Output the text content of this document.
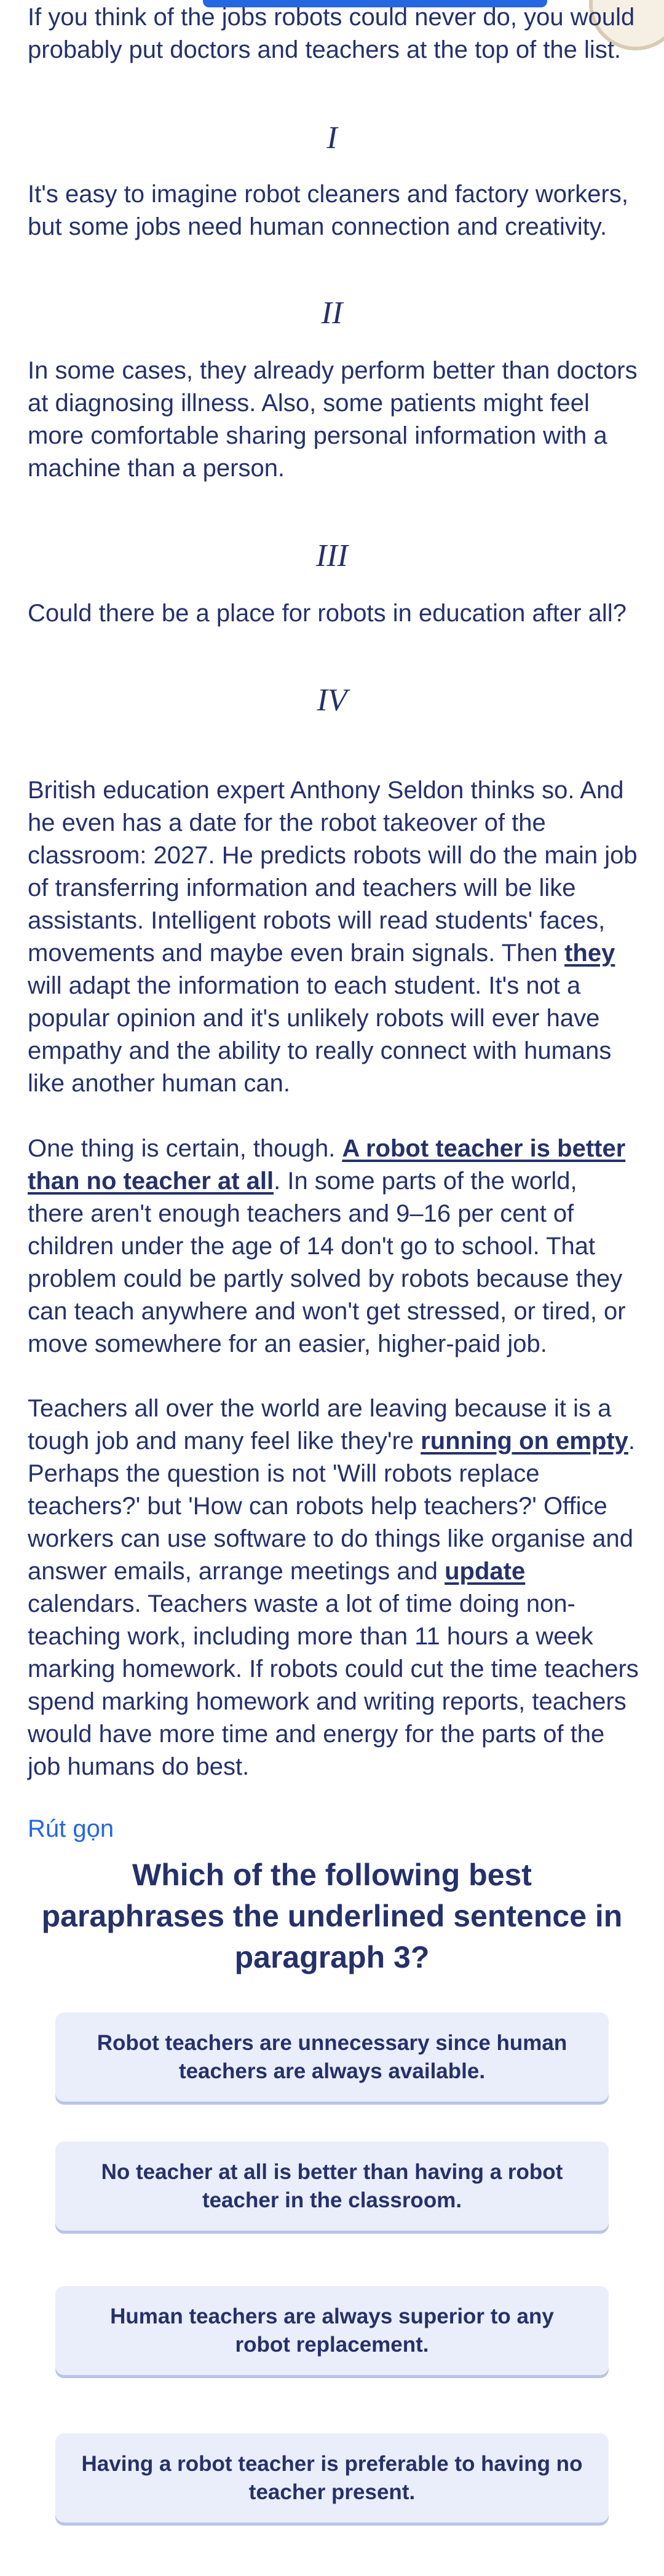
If you think of the jobs robots could never do, you would probably put doctors and teachers at the top of the list.

I

It's easy to imagine robot cleaners and factory workers, but some jobs need human connection and creativity.

II

In some cases, they already perform better than doctors at diagnosing illness. Also, some patients might feel more comfortable sharing personal information with a machine than a person.

III

Could there be a place for robots in education after all?

IV

British education expert Anthony Seldon thinks so. And he even has a date for the robot takeover of the classroom: 2027. He predicts robots will do the main job of transferring information and teachers will be like assistants. Intelligent robots will read students' faces, movements and maybe even brain signals. Then they will adapt the information to each student. It's not a popular opinion and it's unlikely robots will ever have empathy and the ability to really connect with humans like another human can.

One thing is certain, though. A robot teacher is better than no teacher at all. In some parts of the world, there aren't enough teachers and 9–16 per cent of children under the age of 14 don't go to school. That problem could be partly solved by robots because they can teach anywhere and won't get stressed, or tired, or move somewhere for an easier, higher-paid job.

Teachers all over the world are leaving because it is a tough job and many feel like they're running on empty. Perhaps the question is not 'Will robots replace teachers?' but 'How can robots help teachers?' Office workers can use software to do things like organise and answer emails, arrange meetings and update calendars. Teachers waste a lot of time doing non-teaching work, including more than 11 hours a week marking homework. If robots could cut the time teachers spend marking homework and writing reports, teachers would have more time and energy for the parts of the job humans do best.

Rút gọn

Which of the following best paraphrases the underlined sentence in paragraph 3?

Robot teachers are unnecessary since human teachers are always available.
No teacher at all is better than having a robot teacher in the classroom.
Human teachers are always superior to any robot replacement.
Having a robot teacher is preferable to having no teacher present.
